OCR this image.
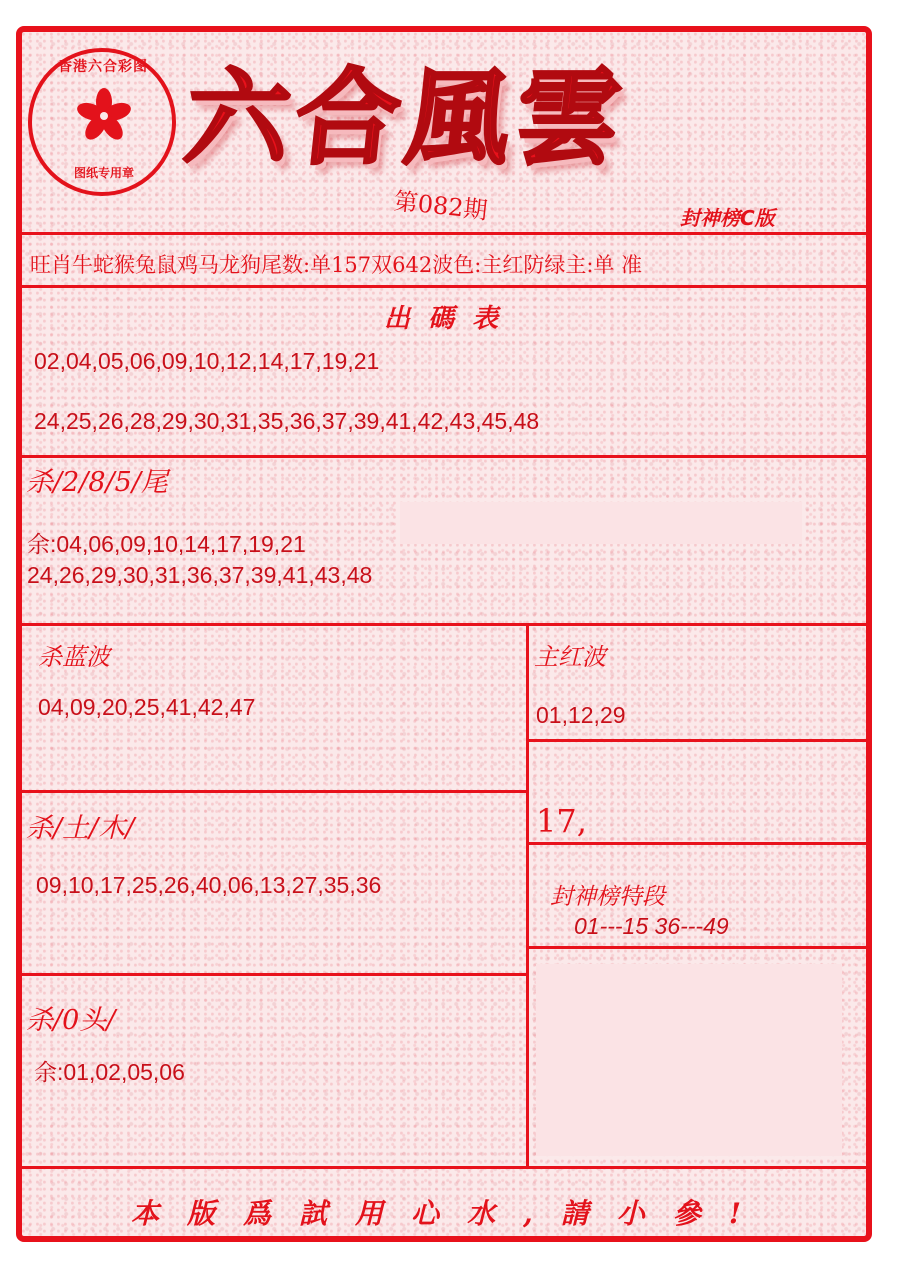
香港六合彩图
图纸专用章 六合風雲
第082期	封神榜C版
旺肖牛蛇猴兔鼠鸡马龙狗尾数:单157双642波色:主红防绿主:单 准
出碼表
02,04,05,06,09,10,12,14,17,19,21
24,25,26,28,29,30,31,35,36,37,39,41,42,43,45,48
杀/2/8/5/尾
余:04,06,09,10,14,17,19,21
24,26,29,30,31,36,37,39,41,43,48
杀蓝波
04,09,20,25,41,42,47
主红波
01,12,29
17,
杀/土/木/
09,10,17,25,26,40,06,13,27,35,36	封神榜特段
01---15 36---49
杀/0头/
余:01,02,05,06
本版爲試用心水,請小參!
